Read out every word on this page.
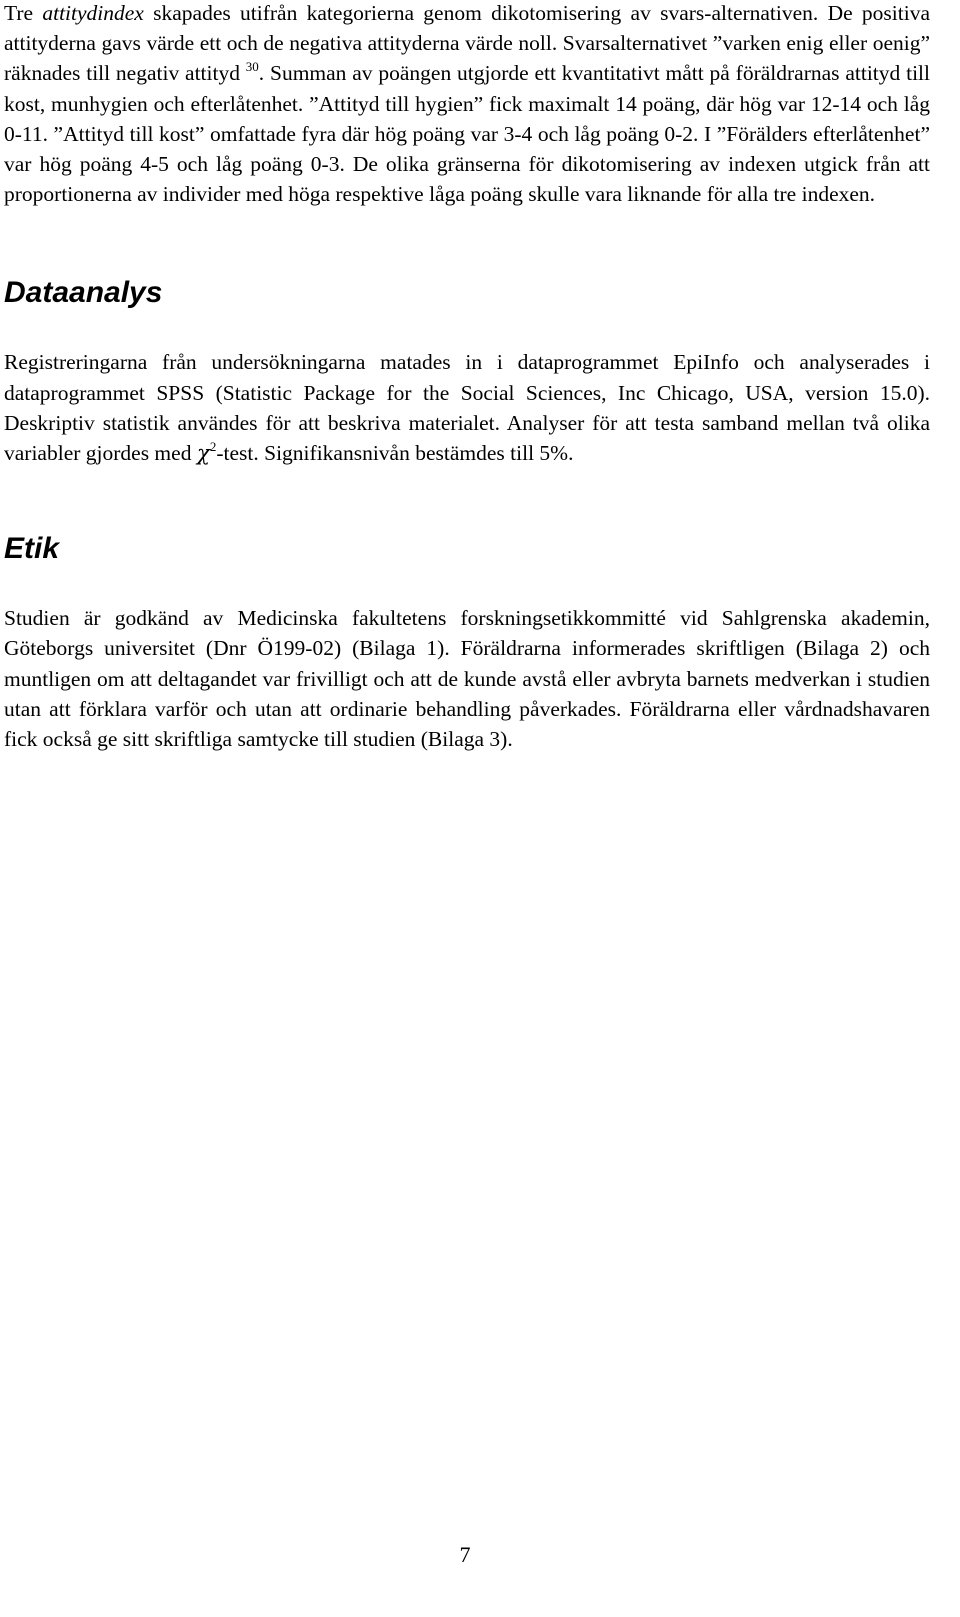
Tre attitydindex skapades utifrån kategorierna genom dikotomisering av svars-alternativen. De positiva attityderna gavs värde ett och de negativa attityderna värde noll. Svarsalternativet ”varken enig eller oenig” räknades till negativ attityd $^{30}$. Summan av poängen utgjorde ett kvantitativt mått på föräldrarnas attityd till kost, munhygien och efterlåtenhet. ”Attityd till hygien” fick maximalt 14 poäng, där hög var 12-14 och låg 0-11. ”Attityd till kost” omfattade fyra där hög poäng var 3-4 och låg poäng 0-2. I ”Förälders efterlåtenhet” var hög poäng 4-5 och låg poäng 0-3. De olika gränserna för dikotomisering av indexen utgick från att proportionerna av individer med höga respektive låga poäng skulle vara liknande för alla tre indexen.

Dataanalys

Registreringarna från undersökningarna matades in i dataprogrammet EpiInfo och analyserades i dataprogrammet SPSS (Statistic Package for the Social Sciences, Inc Chicago, USA, version 15.0). Deskriptiv statistik användes för att beskriva materialet. Analyser för att testa samband mellan två olika variabler gjordes med $\chi^2$-test. Signifikansnivån bestämdes till 5%.

Etik

Studien är godkänd av Medicinska fakultetens forskningsetikkommitté vid Sahlgrenska akademin, Göteborgs universitet (Dnr Ö199-02) (Bilaga 1). Föräldrarna informerades skriftligen (Bilaga 2) och muntligen om att deltagandet var frivilligt och att de kunde avstå eller avbryta barnets medverkan i studien utan att förklara varför och utan att ordinarie behandling påverkades. Föräldrarna eller vårdnadshavaren fick också ge sitt skriftliga samtycke till studien (Bilaga 3).

7
